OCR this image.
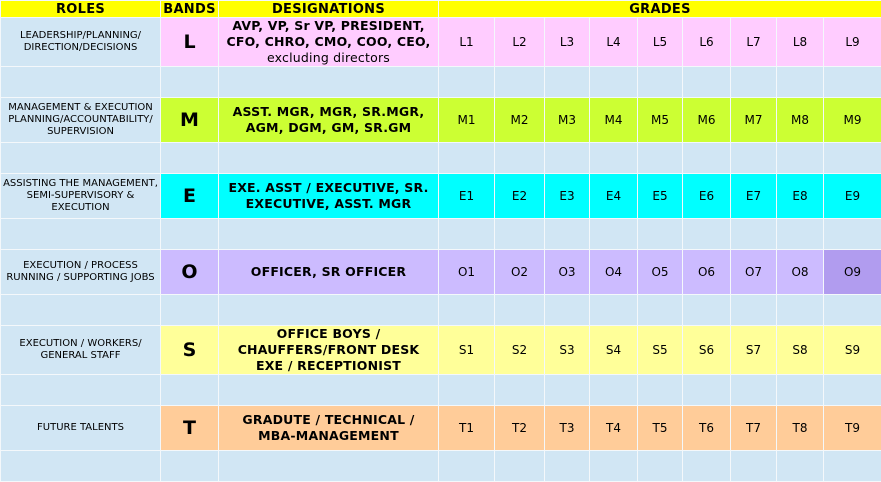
ROLES	BANDS	DESIGNATIONS	GRADES								
LEADERSHIP/PLANNING/ DIRECTION/DECISIONS	L	AVP, VP, Sr VP, PRESIDENT,
CFO, CHRO, CMO, COO, CEO,
excluding directors	L1	L2	L3	L4	L5	L6	L7	L8	L9

MANAGEMENT & EXECUTION PLANNING/ACCOUNTABILITY/ SUPERVISION	M	ASST. MGR, MGR, SR.MGR,
AGM, DGM, GM, SR.GM	M1	M2	M3	M4	M5	M6	M7	M8	M9

ASSISTING THE MANAGEMENT, SEMI-SUPERVISORY & EXECUTION	E	EXE. ASST / EXECUTIVE, SR.
EXECUTIVE, ASST. MGR	E1	E2	E3	E4	E5	E6	E7	E8	E9

EXECUTION / PROCESS RUNNING / SUPPORTING JOBS	O	OFFICER, SR OFFICER	O1	O2	O3	O4	O5	O6	O7	O8	O9

EXECUTION / WORKERS/ GENERAL STAFF	S	OFFICE BOYS /
CHAUFFERS/FRONT DESK
EXE / RECEPTIONIST	S1	S2	S3	S4	S5	S6	S7	S8	S9

FUTURE TALENTS	T	GRADUTE / TECHNICAL /
MBA-MANAGEMENT	T1	T2	T3	T4	T5	T6	T7	T8	T9
